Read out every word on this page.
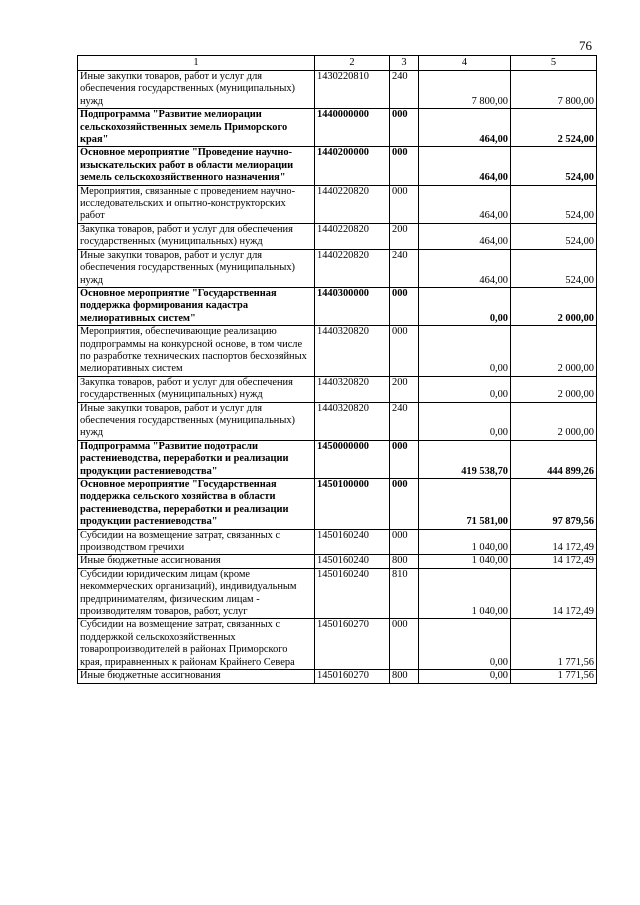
76
1	2	3	4	5
Иные закупки товаров, работ и услуг для обеспечения государственных (муниципальных) нужд	1430220810	240	7 800,00	7 800,00
Подпрограмма "Развитие мелиорации сельскохозяйственных земель Приморского края"	1440000000	000	464,00	2 524,00
Основное мероприятие "Проведение научно-изыскательских работ в области мелиорации земель сельскохозяйственного назначения"	1440200000	000	464,00	524,00
Мероприятия, связанные с проведением научно-исследовательских и опытно-конструкторских работ	1440220820	000	464,00	524,00
Закупка товаров, работ и услуг для обеспечения государственных (муниципальных) нужд	1440220820	200	464,00	524,00
Иные закупки товаров, работ и услуг для обеспечения государственных (муниципальных) нужд	1440220820	240	464,00	524,00
Основное мероприятие "Государственная поддержка формирования кадастра мелиоративных систем"	1440300000	000	0,00	2 000,00
Мероприятия, обеспечивающие реализацию подпрограммы на конкурсной основе, в том числе по разработке технических паспортов бесхозяйных мелиоративных систем	1440320820	000	0,00	2 000,00
Закупка товаров, работ и услуг для обеспечения государственных (муниципальных) нужд	1440320820	200	0,00	2 000,00
Иные закупки товаров, работ и услуг для обеспечения государственных (муниципальных) нужд	1440320820	240	0,00	2 000,00
Подпрограмма "Развитие подотрасли растениеводства, переработки и реализации продукции растениеводства"	1450000000	000	419 538,70	444 899,26
Основное мероприятие "Государственная поддержка сельского хозяйства в области растениеводства, переработки и реализации продукции растениеводства"	1450100000	000	71 581,00	97 879,56
Субсидии на возмещение затрат, связанных с производством гречихи	1450160240	000	1 040,00	14 172,49
Иные бюджетные ассигнования	1450160240	800	1 040,00	14 172,49
Субсидии юридическим лицам (кроме некоммерческих организаций), индивидуальным предпринимателям, физическим лицам - производителям товаров, работ, услуг	1450160240	810	1 040,00	14 172,49
Субсидии на возмещение затрат, связанных с поддержкой сельскохозяйственных товаропроизводителей в районах Приморского края, приравненных к районам Крайнего Севера	1450160270	000	0,00	1 771,56
Иные бюджетные ассигнования	1450160270	800	0,00	1 771,56
